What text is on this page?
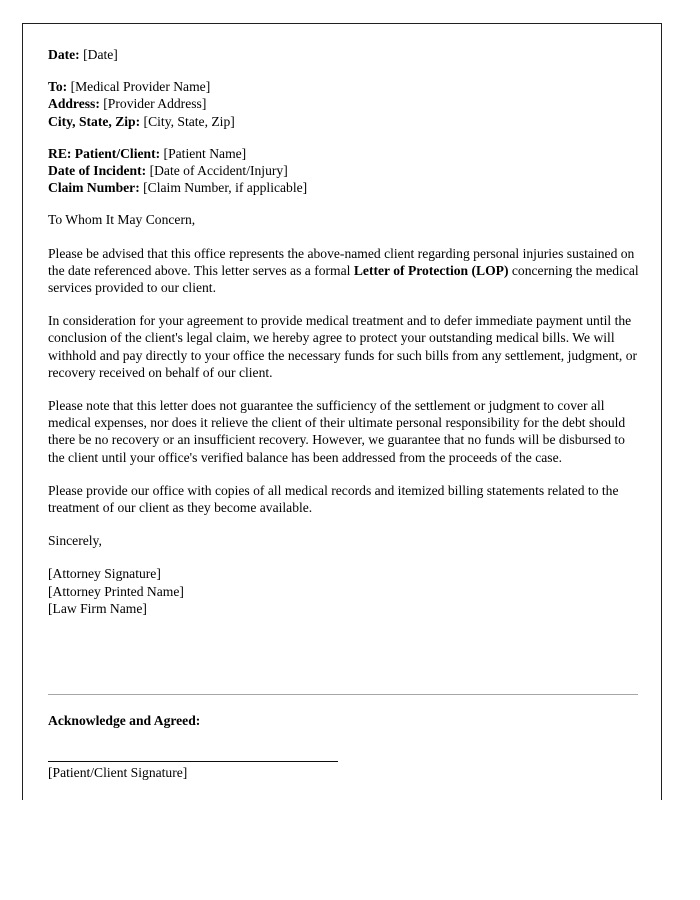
Date: [Date]
To: [Medical Provider Name]
Address: [Provider Address]
City, State, Zip: [City, State, Zip]
RE: Patient/Client: [Patient Name]
Date of Incident: [Date of Accident/Injury]
Claim Number: [Claim Number, if applicable]

To Whom It May Concern,

Please be advised that this office represents the above-named client regarding personal injuries sustained on the date referenced above. This letter serves as a formal Letter of Protection (LOP) concerning the medical services provided to our client.

In consideration for your agreement to provide medical treatment and to defer immediate payment until the conclusion of the client's legal claim, we hereby agree to protect your outstanding medical bills. We will withhold and pay directly to your office the necessary funds for such bills from any settlement, judgment, or recovery received on behalf of our client.

Please note that this letter does not guarantee the sufficiency of the settlement or judgment to cover all medical expenses, nor does it relieve the client of their ultimate personal responsibility for the debt should there be no recovery or an insufficient recovery. However, we guarantee that no funds will be disbursed to the client until your office's verified balance has been addressed from the proceeds of the case.

Please provide our office with copies of all medical records and itemized billing statements related to the treatment of our client as they become available.

Sincerely,

[Attorney Signature]
[Attorney Printed Name]
[Law Firm Name]
Acknowledge and Agreed:
[Patient/Client Signature]
